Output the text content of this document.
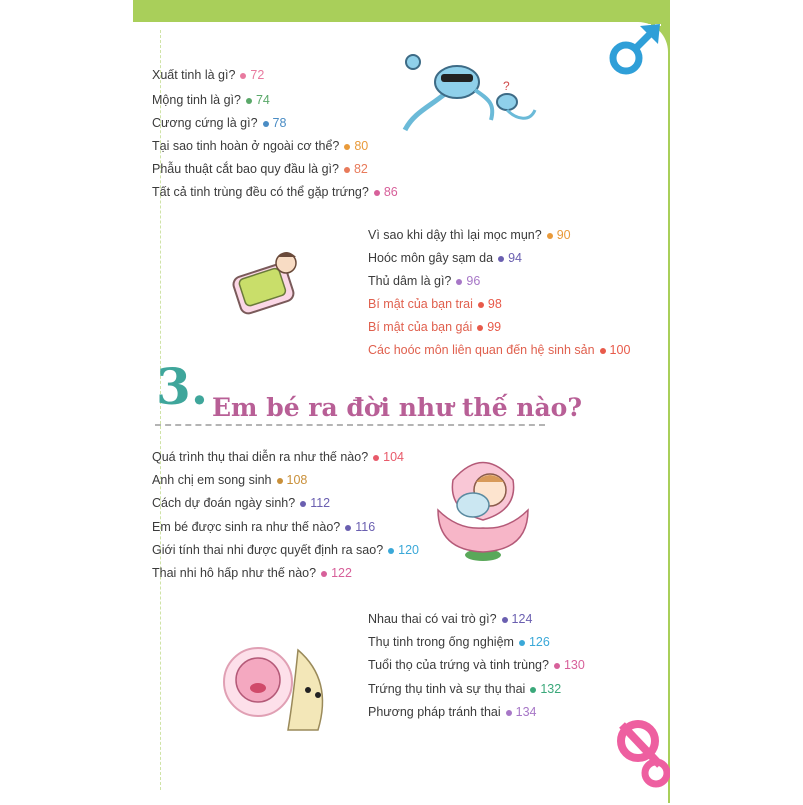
?
Xuất tinh là gì? 72
Mộng tinh là gì? 74
Cương cứng là gì? 78
Tại sao tinh hoàn ở ngoài cơ thể? 80
Phẫu thuật cắt bao quy đầu là gì? 82
Tất cả tinh trùng đều có thể gặp trứng? 86
Vì sao khi dậy thì lại mọc mụn? 90
Hoóc môn gây sạm da 94
Thủ dâm là gì? 96
Bí mật của bạn trai 98
Bí mật của bạn gái 99
Các hoóc môn liên quan đến hệ sinh sản 100
3. Em bé ra đời như thế nào?
Quá trình thụ thai diễn ra như thế nào? 104
Anh chị em song sinh 108
Cách dự đoán ngày sinh? 112
Em bé được sinh ra như thế nào? 116
Giới tính thai nhi được quyết định ra sao? 120
Thai nhi hô hấp như thế nào? 122
Nhau thai có vai trò gì? 124
Thụ tinh trong ống nghiệm 126
Tuổi thọ của trứng và tinh trùng? 130
Trứng thụ tinh và sự thụ thai 132
Phương pháp tránh thai 134
